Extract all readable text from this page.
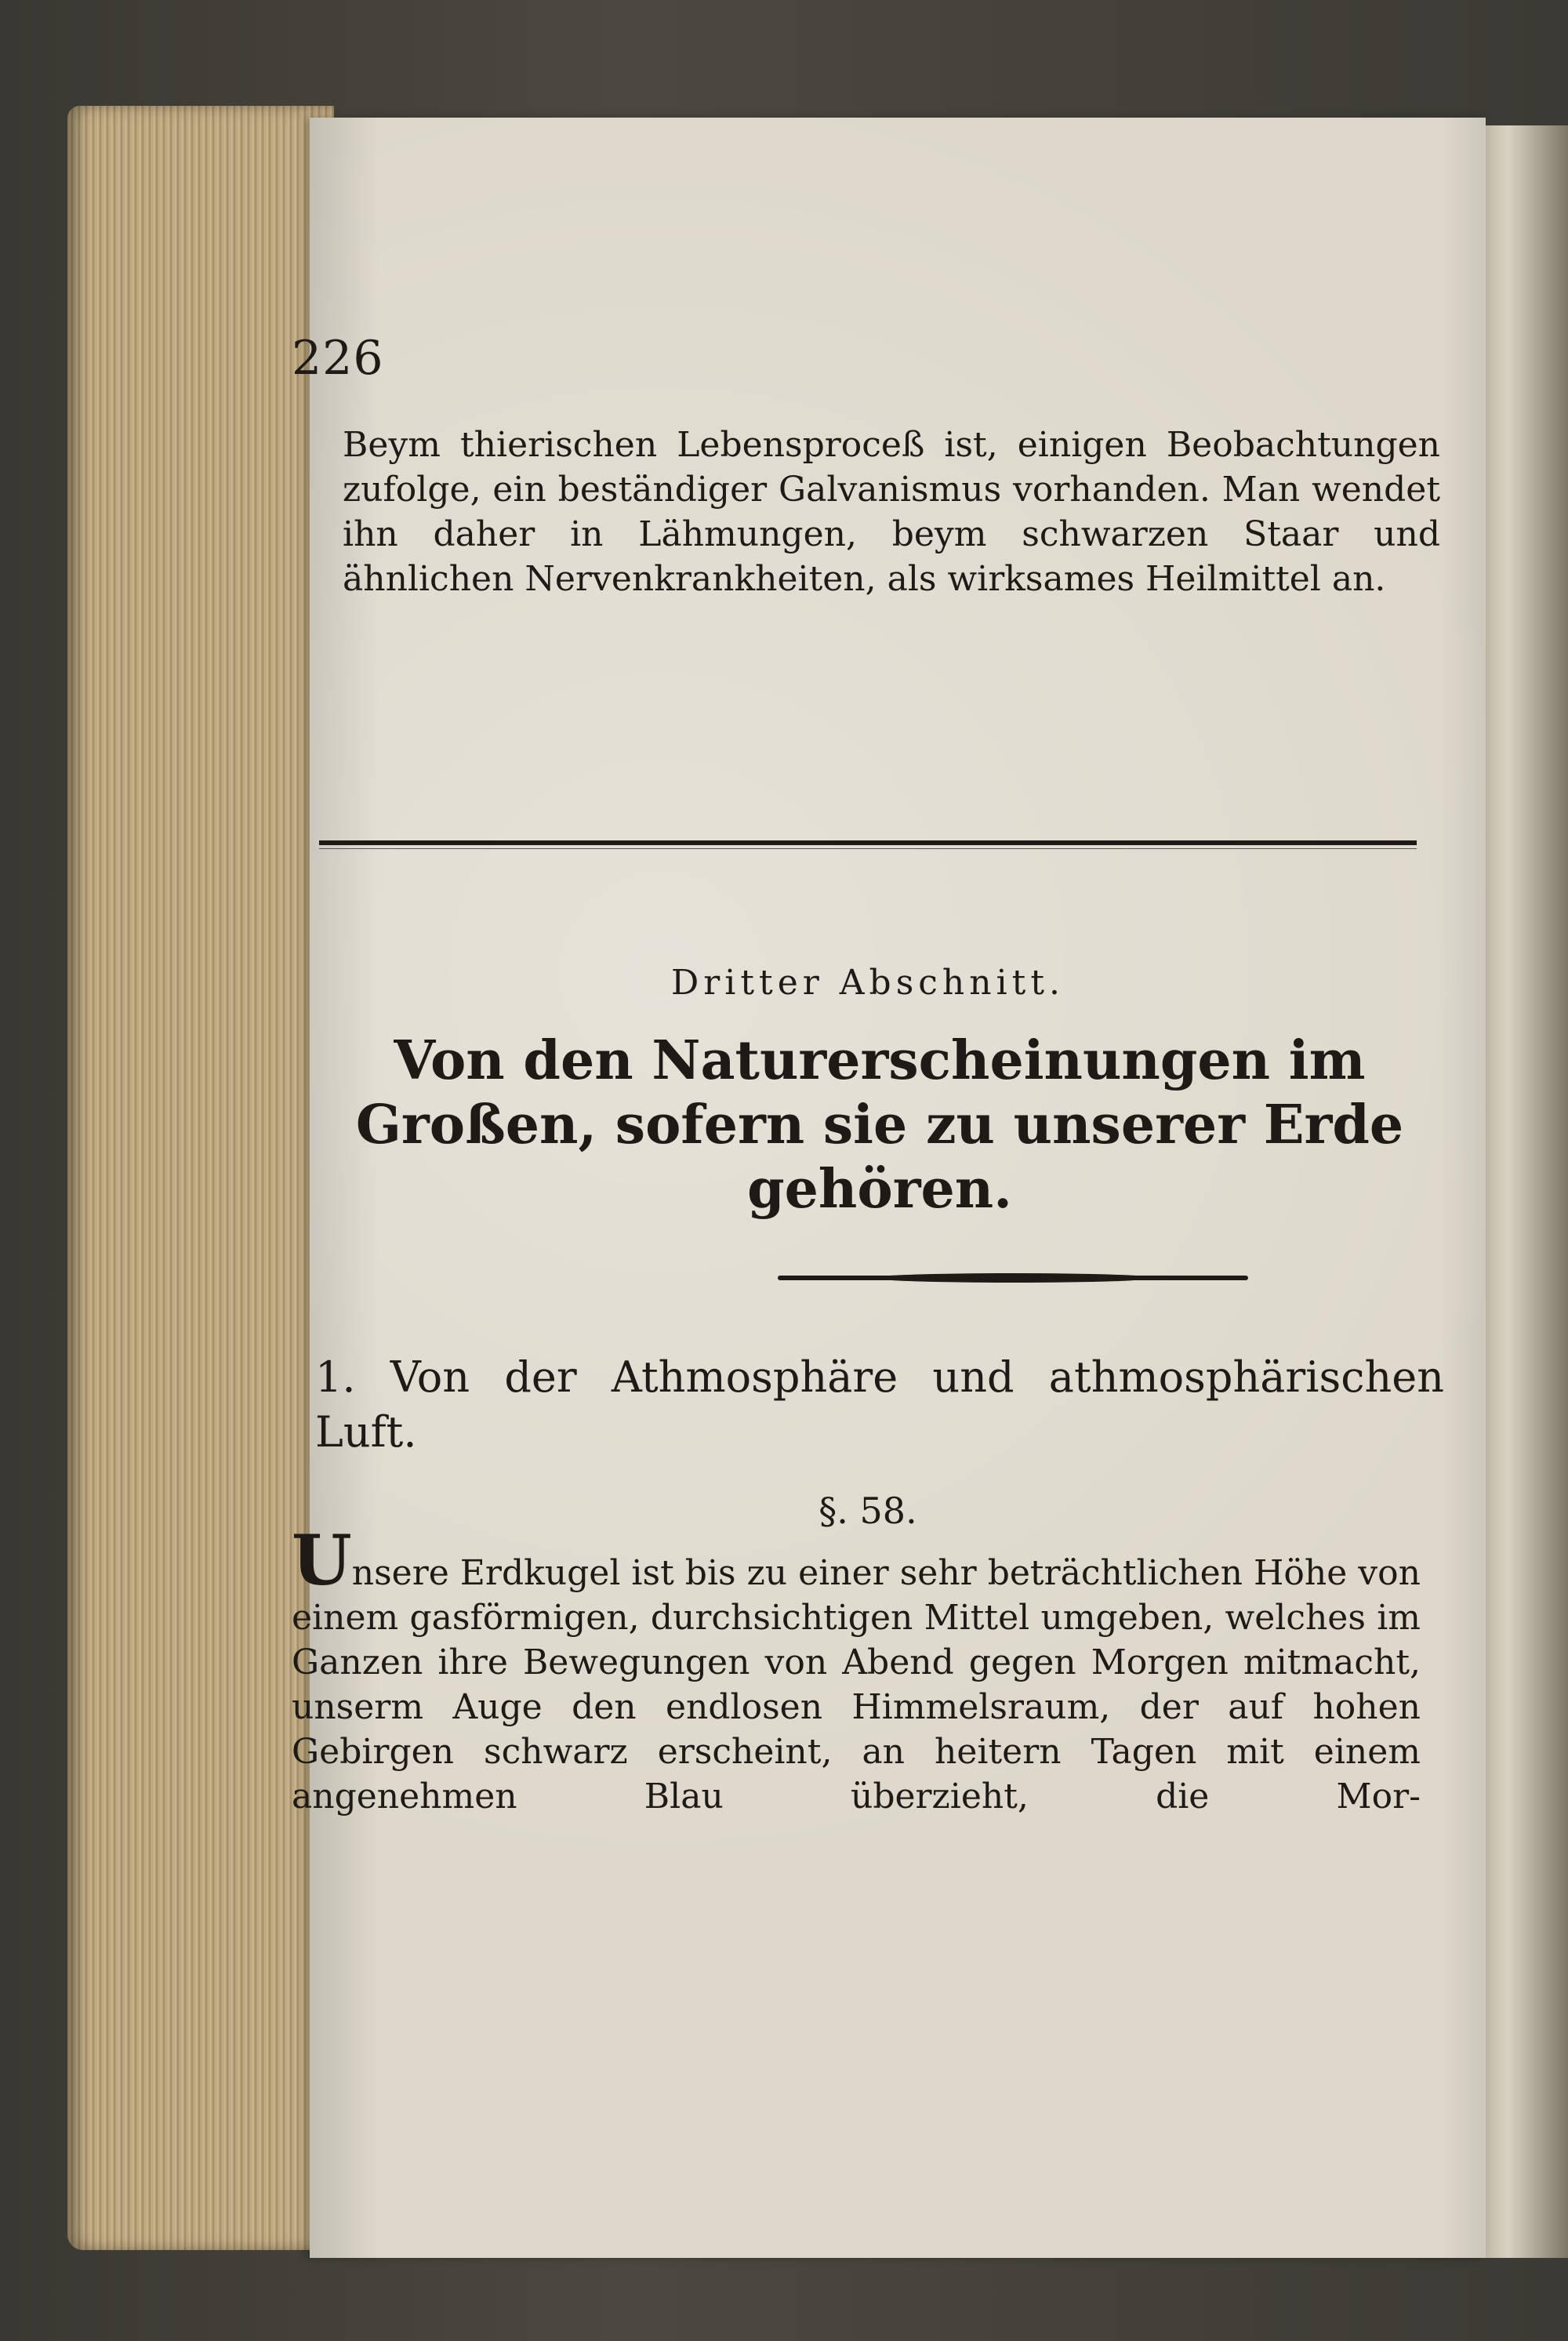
226

Beym thierischen Lebensproceß ist, einigen Beobachtungen zufolge, ein beständiger Galvanismus vorhanden. Man wendet ihn daher in Lähmungen, beym schwarzen Staar und ähnlichen Nervenkrankheiten, als wirksames Heilmittel an.

Dritter Abschnitt.
Von den Naturerscheinungen im Großen, sofern sie zu unserer Erde gehören.
1. Von der Athmosphäre und athmosphärischen Luft.
§. 58.

Unsere Erdkugel ist bis zu einer sehr beträchtlichen Höhe von einem gasförmigen, durchsichtigen Mittel umgeben, welches im Ganzen ihre Bewegungen von Abend gegen Morgen mitmacht, unserm Auge den endlosen Himmelsraum, der auf hohen Gebirgen schwarz erscheint, an heitern Tagen mit einem angenehmen Blau überzieht, die Mor-
